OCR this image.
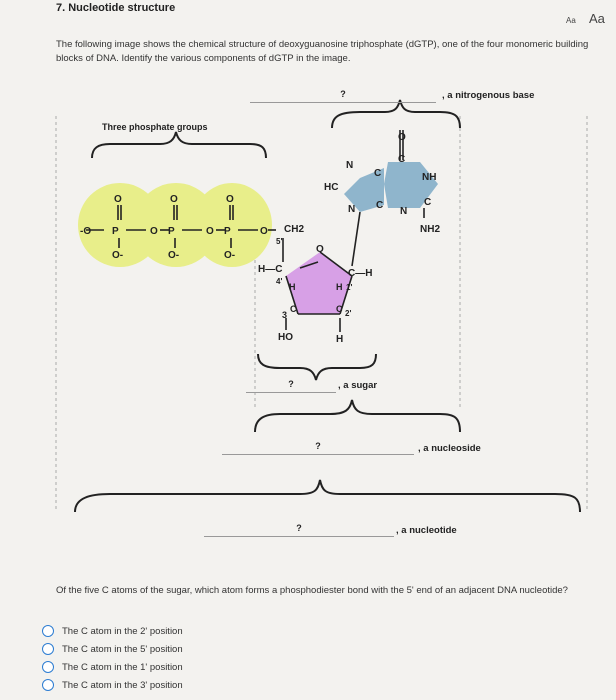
7. Nucleotide structure
Aa Aa
The following image shows the chemical structure of deoxyguanosine triphosphate (dGTP), one of the four monomeric building blocks of DNA. Identify the various components of dGTP in the image.
O	O	O
-O P	O P	O P	O
O-	O-	O-
CH2
5'
O
H—C
4'
H
C—H
H 1'
3
C	C 2'
HO	H
O
N
C
C
NH
HC
N C
N
C
NH2
Three phosphate groups
?	, a nitrogenous base
?	, a sugar
?	, a nucleoside
?	, a nucleotide
Of the five C atoms of the sugar, which atom forms a phosphodiester bond with the 5' end of an adjacent DNA nucleotide?
The C atom in the 2' position
The C atom in the 5' position
The C atom in the 1' position
The C atom in the 3' position
